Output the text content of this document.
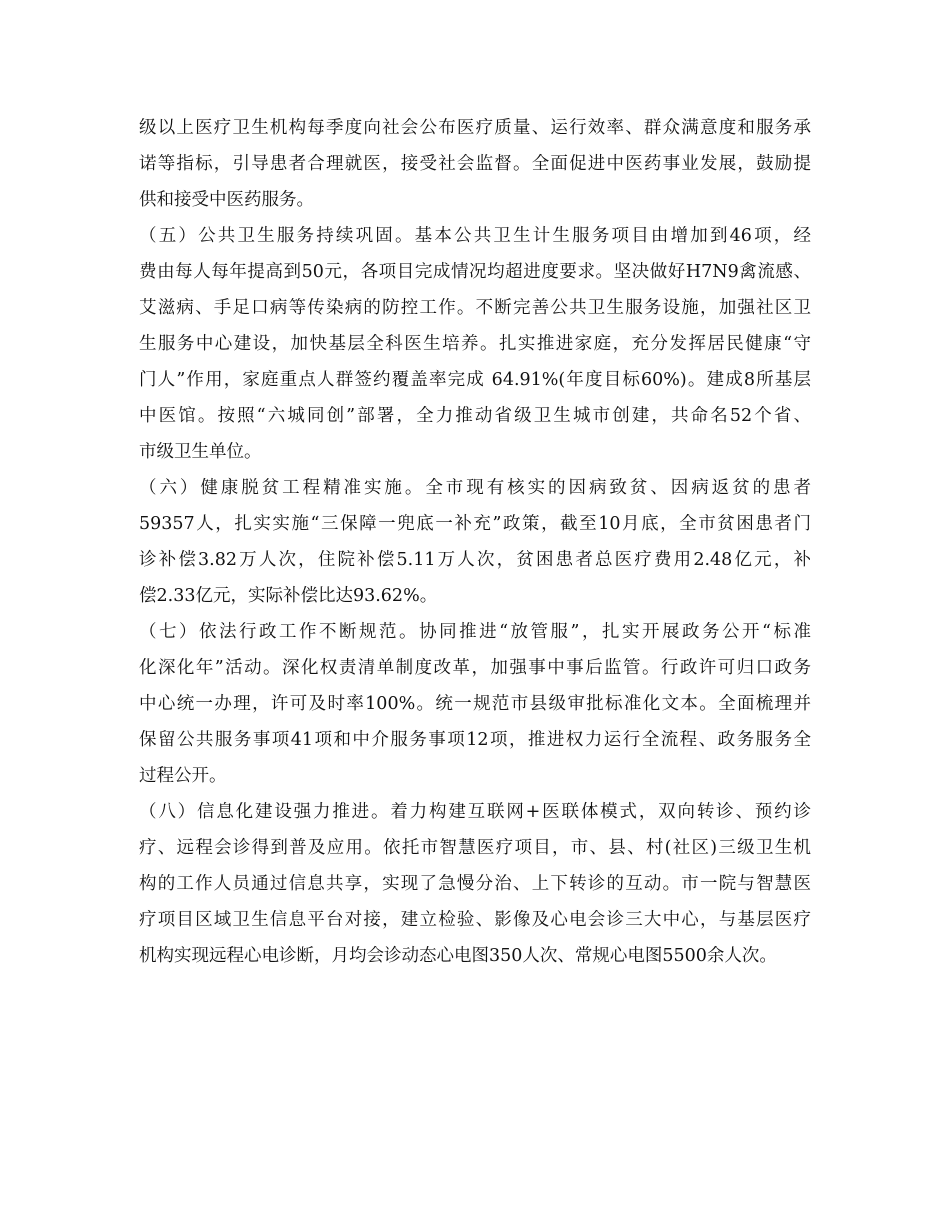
级以上医疗卫生机构每季度向社会公布医疗质量、运行效率、群众满意度和服务承

诺等指标，引导患者合理就医，接受社会监督。全面促进中医药事业发展，鼓励提

供和接受中医药服务。

（五）公共卫生服务持续巩固。基本公共卫生计生服务项目由增加到46项，经

费由每人每年提高到50元，各项目完成情况均超进度要求。坚决做好H7N9禽流感、

艾滋病、手足口病等传染病的防控工作。不断完善公共卫生服务设施，加强社区卫

生服务中心建设，加快基层全科医生培养。扎实推进家庭，充分发挥居民健康“守

门人”作用，家庭重点人群签约覆盖率完成 64.91%(年度目标60%)。建成8所基层

中医馆。按照“六城同创”部署，全力推动省级卫生城市创建，共命名52个省、

市级卫生单位。

（六）健康脱贫工程精准实施。全市现有核实的因病致贫、因病返贫的患者

59357人，扎实实施“三保障一兜底一补充”政策，截至10月底，全市贫困患者门

诊补偿3.82万人次，住院补偿5.11万人次，贫困患者总医疗费用2.48亿元，补

偿2.33亿元，实际补偿比达93.62%。

（七）依法行政工作不断规范。协同推进“放管服”，扎实开展政务公开“标准

化深化年”活动。深化权责清单制度改革，加强事中事后监管。行政许可归口政务

中心统一办理，许可及时率100%。统一规范市县级审批标准化文本。全面梳理并

保留公共服务事项41项和中介服务事项12项，推进权力运行全流程、政务服务全

过程公开。

（八）信息化建设强力推进。着力构建互联网+医联体模式，双向转诊、预约诊

疗、远程会诊得到普及应用。依托市智慧医疗项目，市、县、村(社区)三级卫生机

构的工作人员通过信息共享，实现了急慢分治、上下转诊的互动。市一院与智慧医

疗项目区域卫生信息平台对接，建立检验、影像及心电会诊三大中心，与基层医疗

机构实现远程心电诊断，月均会诊动态心电图350人次、常规心电图5500余人次。
